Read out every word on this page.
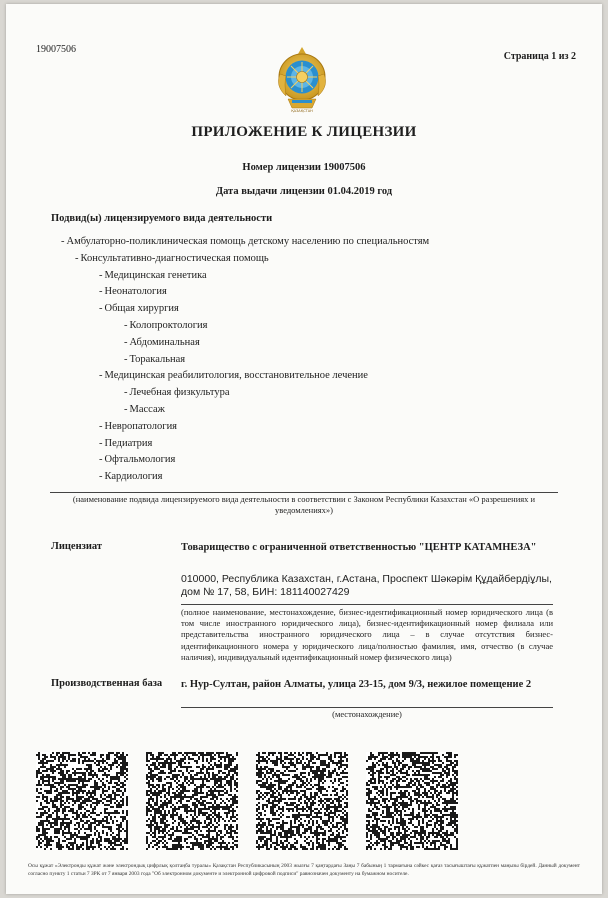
19007506
Страница 1 из 2
ҚАЗАҚСТАН
ПРИЛОЖЕНИЕ К ЛИЦЕНЗИИ
Номер лицензии 19007506
Дата выдачи лицензии 01.04.2019 год
Подвид(ы) лицензируемого вида деятельности
- Амбулаторно-поликлиническая помощь детскому населению по специальностям
- Консультативно-диагностическая помощь
- Медицинская генетика
- Неонатология
- Общая хирургия
- Колопроктология
- Абдоминальная
- Торакальная
- Медицинская реабилитология, восстановительное лечение
- Лечебная физкультура
- Массаж
- Невропатология
- Педиатрия
- Офтальмология
- Кардиология
(наименование подвида лицензируемого вида деятельности в соответствии с Законом Республики Казахстан «О разрешениях и уведомлениях»)
Лицензиат	Товарищество с ограниченной ответственностью "ЦЕНТР КАТАМНЕЗА"
010000, Республика Казахстан, г.Астана, Проспект Шәкәрім Құдайбердіұлы, дом № 17, 58, БИН: 181140027429
(полное наименование, местонахождение, бизнес-идентификационный номер юридического лица (в том числе иностранного юридического лица), бизнес-идентификационный номер филиала или представительства иностранного юридического лица – в случае отсутствия бизнес-идентификационного номера у юридического лица/полностью фамилия, имя, отчество (в случае наличия), индивидуальный идентификационный номер физического лица)
Производственная база г. Нур-Султан, район Алматы, улица 23-15, дом 9/3, нежилое помещение 2
(местонахождение)
Осы құжат «Электронды құжат және электрондық цифрлық қолтаңба туралы» Қазақстан Республикасының 2003 жылғы 7 қаңтардағы Заңы 7 бабының 1 тармағына сәйкес қағаз тасығыштағы құжатпен маңызы бірдей. Данный документ согласно пункту 1 статьи 7 ЗРК от 7 января 2003 года "Об электронном документе и электронной цифровой подписи" равнозначен документу на бумажном носителе.
